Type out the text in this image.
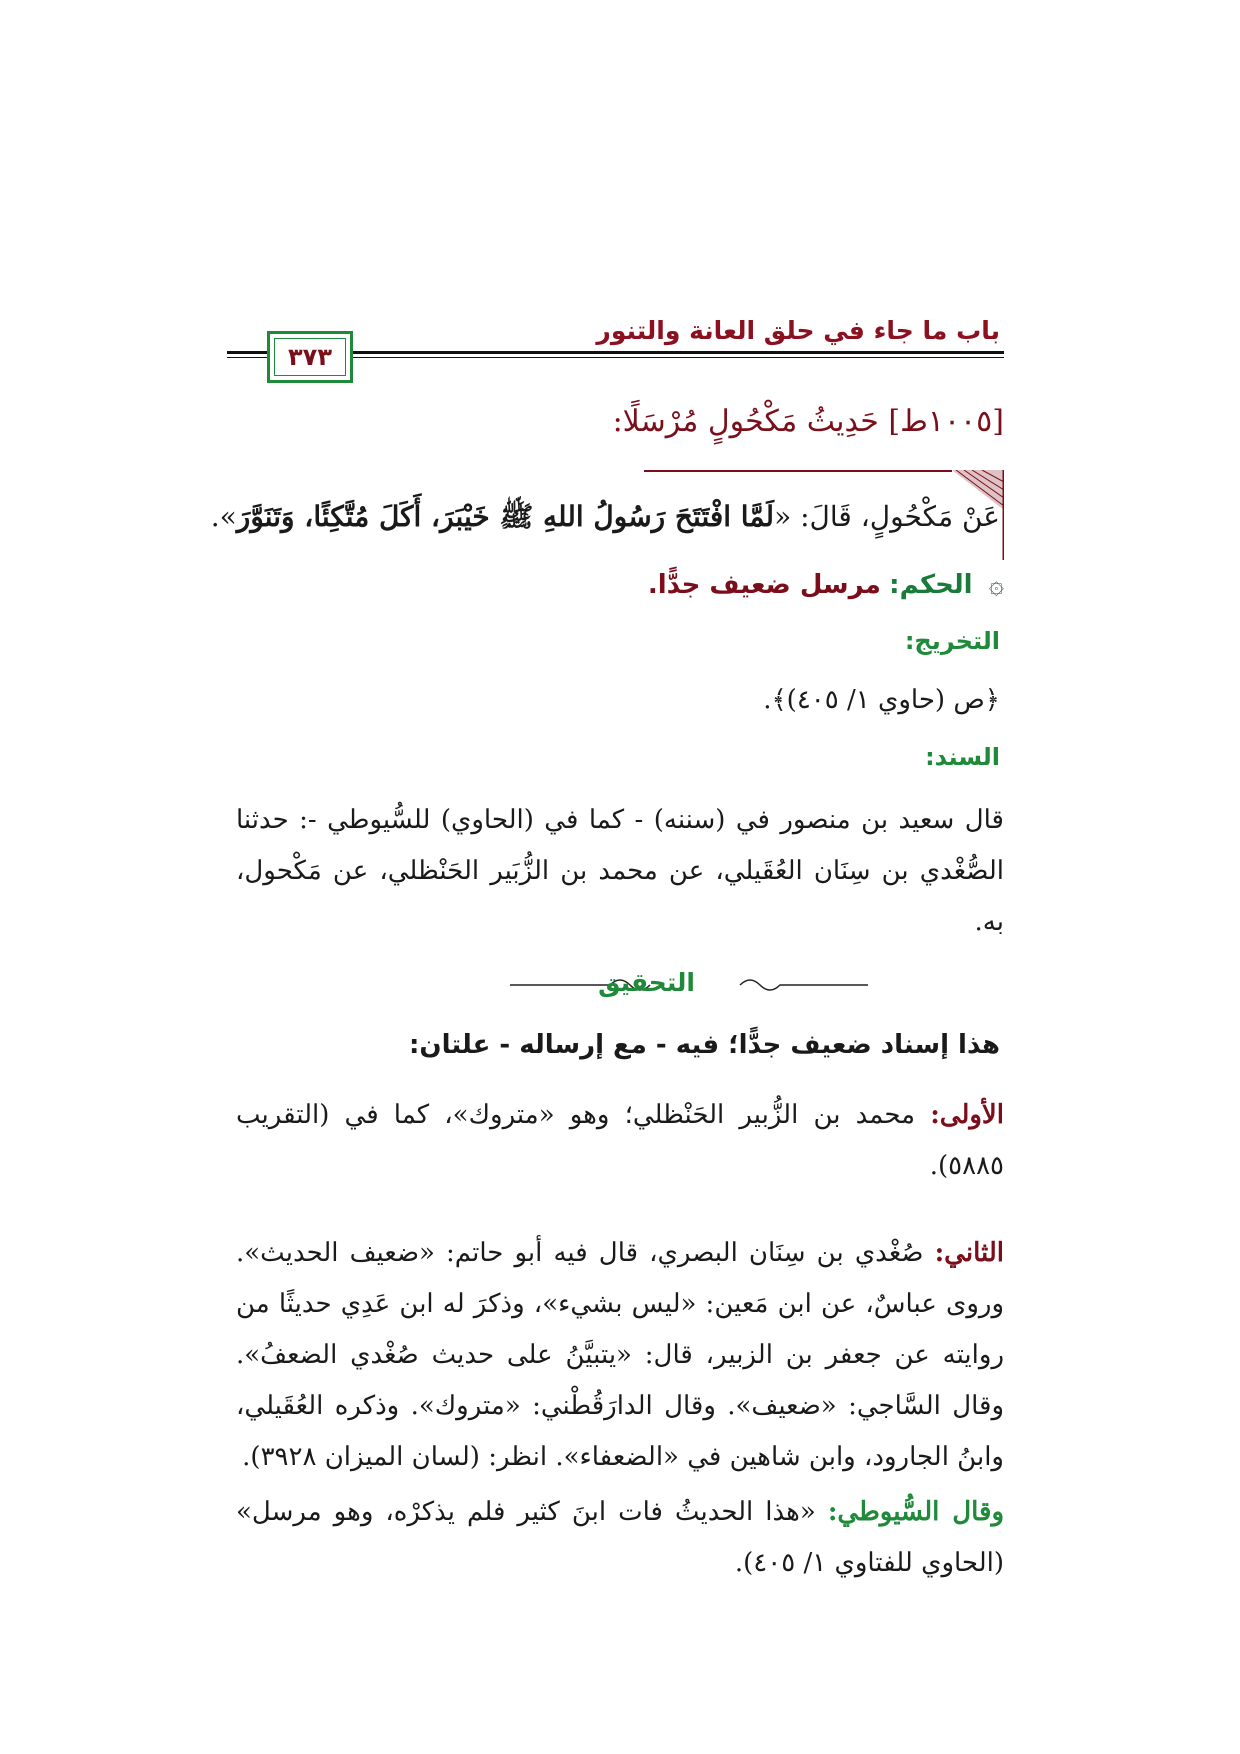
باب ما جاء في حلق العانة والتنور
٣٧٣
[١٠٠٥ط] حَدِيثُ مَكْحُولٍ مُرْسَلًا:
عَنْ مَكْحُولٍ، قَالَ: «لَمَّا افْتَتَحَ رَسُولُ اللهِ ﷺ خَيْبَرَ، أَكَلَ مُتَّكِئًا، وَتَنَوَّرَ».
۞ الحكم: مرسل ضعيف جدًّا.
التخريج:
﴿ص (حاوي ١/ ٤٠٥)﴾.
السند:
قال سعيد بن منصور في (سننه) - كما في (الحاوي) للسُّيوطي -: حدثنا الصُّغْدي بن سِنَان العُقَيلي، عن محمد بن الزُّبَير الحَنْظلي، عن مَكْحول، به.
التحقيق
هذا إسناد ضعيف جدًّا؛ فيه - مع إرساله - علتان:
الأولى: محمد بن الزُّبير الحَنْظلي؛ وهو «متروك»، كما في (التقريب ٥٨٨٥).
الثاني: صُغْدي بن سِنَان البصري، قال فيه أبو حاتم: «ضعيف الحديث». وروى عباسٌ، عن ابن مَعين: «ليس بشيء»، وذكرَ له ابن عَدِي حديثًا من روايته عن جعفر بن الزبير، قال: «يتبيَّنُ على حديث صُغْدي الضعفُ». وقال السَّاجي: «ضعيف». وقال الدارَقُطْني: «متروك». وذكره العُقَيلي، وابنُ الجارود، وابن شاهين في «الضعفاء». انظر: (لسان الميزان ٣٩٢٨).
وقال السُّيوطي: «هذا الحديثُ فات ابنَ كثير فلم يذكرْه، وهو مرسل» (الحاوي للفتاوي ١/ ٤٠٥).
